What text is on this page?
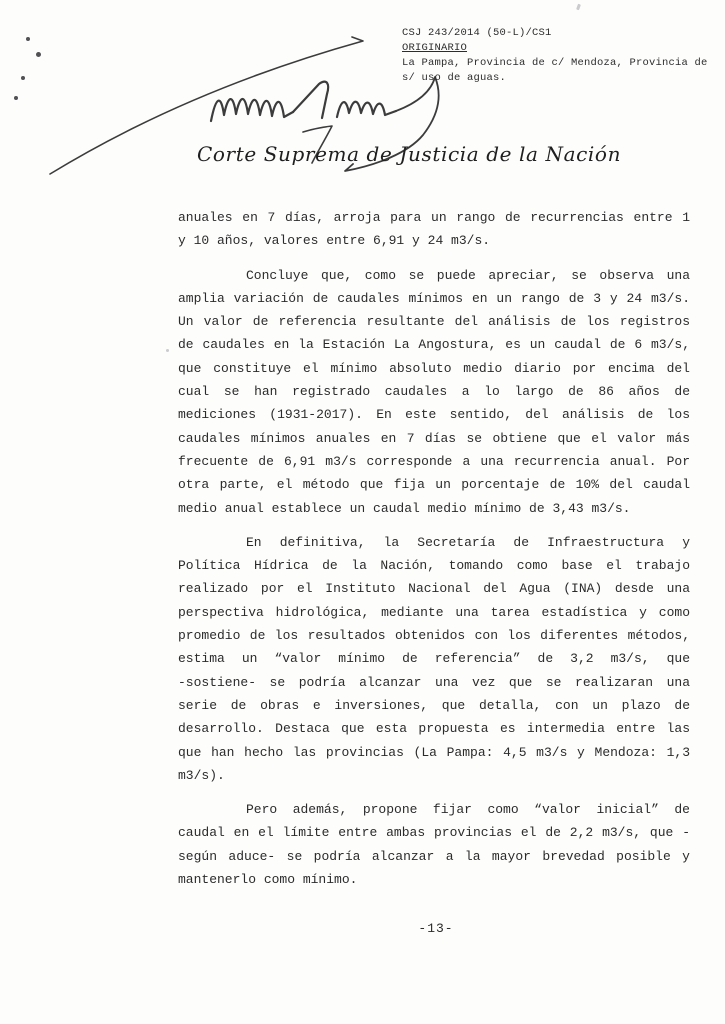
CSJ 243/2014 (50-L)/CS1
ORIGINARIO
La Pampa, Provincia de c/ Mendoza, Provincia de
s/ uso de aguas.
Corte Suprema de Justicia de la Nación
anuales en 7 días, arroja para un rango de recurrencias entre 1
y 10 años, valores entre 6,91 y 24 m3/s.
Concluye que, como se puede apreciar, se observa una
amplia variación de caudales mínimos en un rango de 3 y 24 m3/s.
Un valor de referencia resultante del análisis de los registros
de caudales en la Estación La Angostura, es un caudal de 6 m3/s,
que constituye el mínimo absoluto medio diario por encima del
cual se han registrado caudales a lo largo de 86 años de
mediciones (1931-2017). En este sentido, del análisis de los
caudales mínimos anuales en 7 días se obtiene que el valor más
frecuente de 6,91 m3/s corresponde a una recurrencia anual. Por
otra parte, el método que fija un porcentaje de 10% del caudal
medio anual establece un caudal medio mínimo de 3,43 m3/s.
En definitiva, la Secretaría de Infraestructura y
Política Hídrica de la Nación, tomando como base el trabajo
realizado por el Instituto Nacional del Agua (INA) desde una
perspectiva hidrológica, mediante una tarea estadística y como
promedio de los resultados obtenidos con los diferentes métodos,
estima un “valor mínimo de referencia” de 3,2 m3/s, que
-sostiene- se podría alcanzar una vez que se realizaran una
serie de obras e inversiones, que detalla, con un plazo de
desarrollo. Destaca que esta propuesta es intermedia entre las
que han hecho las provincias (La Pampa: 4,5 m3/s y Mendoza: 1,3
m3/s).
Pero además, propone fijar como “valor inicial” de
caudal en el límite entre ambas provincias el de 2,2 m3/s, que -
según aduce- se podría alcanzar a la mayor brevedad posible y
mantenerlo como mínimo.
-13-
